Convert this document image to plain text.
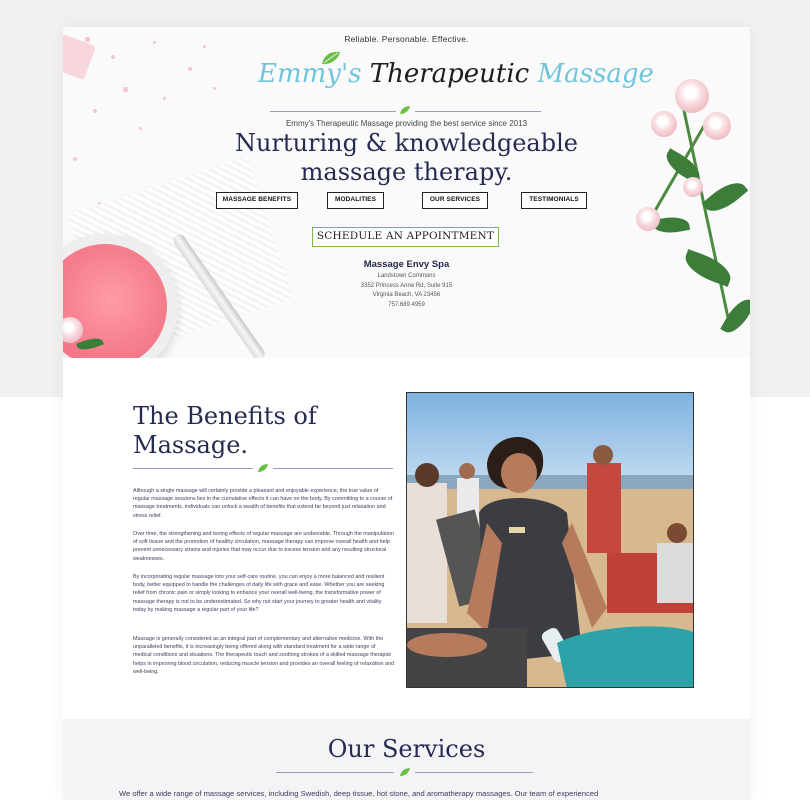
Reliable. Personable. Effective.
Emmy's Therapeutic Massage
Emmy's Therapeutic Massage providing the best service since 2013
Nurturing & knowledgeable
massage therapy.
MASSAGE BENEFITS	MODALITIES	OUR SERVICES	TESTIMONIALS
SCHEDULE AN APPOINTMENT
Massage Envy Spa
Landstown Commons
3352 Princess Anne Rd, Suite 915
Virginia Beach, VA 23456
757.689.4959
The Benefits of
Massage.

Although a single massage will certainly provide a pleasant and enjoyable experience, the true value of regular massage sessions lies in the cumulative effects it can have on the body. By committing to a course of massage treatments, individuals can unlock a wealth of benefits that extend far beyond just relaxation and stress relief.

Over time, the strengthening and toning effects of regular massage are undeniable. Through the manipulation of soft tissue and the promotion of healthy circulation, massage therapy can improve overall health and help prevent unnecessary strains and injuries that may occur due to excess tension and any resulting structural weaknesses.

By incorporating regular massage into your self-care routine, you can enjoy a more balanced and resilient body, better equipped to handle the challenges of daily life with grace and ease. Whether you are seeking relief from chronic pain or simply looking to enhance your overall well-being, the transformative power of massage therapy is not to be underestimated. So why not start your journey to greater health and vitality today by making massage a regular part of your life?

Massage is generally considered as an integral part of complementary and alternative medicine. With the unparalleled benefits, it is increasingly being offered along with standard treatment for a wide range of medical conditions and situations. The therapeutic touch and soothing strokes of a skilled massage therapist helps in improving blood circulation, reducing muscle tension and provides an overall feeling of relaxation and well-being.

Our Services
We offer a wide range of massage services, including Swedish, deep tissue, hot stone, and aromatherapy massages. Our team of experienced
